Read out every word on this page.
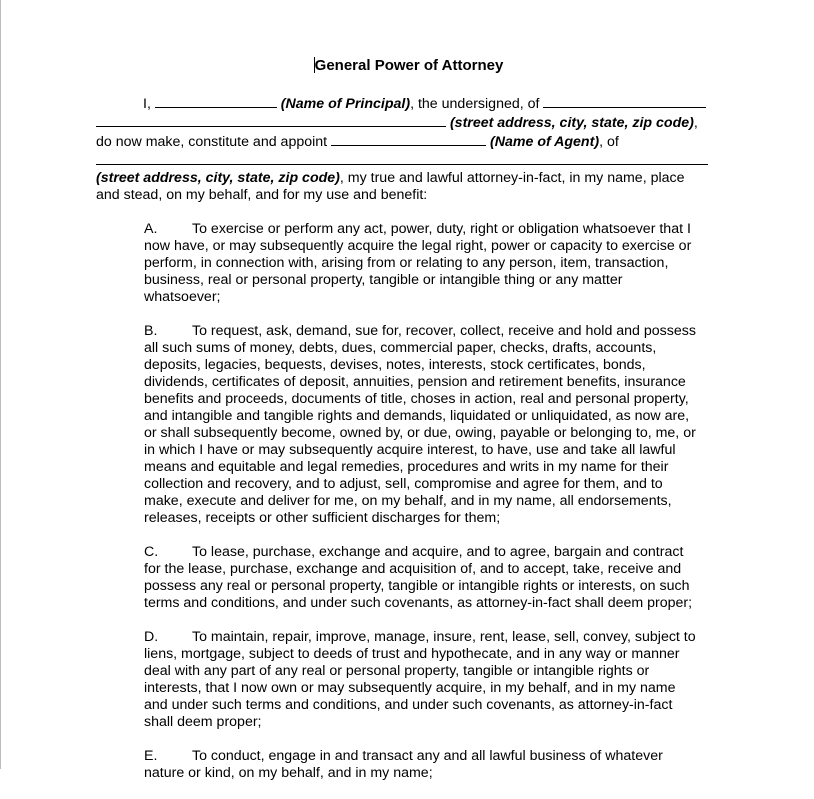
General Power of Attorney
I,	(Name of Principal), the undersigned, of
(street address, city, state, zip code),
do now make, constitute and appoint	(Name of Agent), of
(street address, city, state, zip code), my true and lawful attorney-in-fact, in my name, place
and stead, on my behalf, and for my use and benefit:
A. To exercise or perform any act, power, duty, right or obligation whatsoever that I
now have, or may subsequently acquire the legal right, power or capacity to exercise or
perform, in connection with, arising from or relating to any person, item, transaction,
business, real or personal property, tangible or intangible thing or any matter
whatsoever;
B. To request, ask, demand, sue for, recover, collect, receive and hold and possess
all such sums of money, debts, dues, commercial paper, checks, drafts, accounts,
deposits, legacies, bequests, devises, notes, interests, stock certificates, bonds,
dividends, certificates of deposit, annuities, pension and retirement benefits, insurance
benefits and proceeds, documents of title, choses in action, real and personal property,
and intangible and tangible rights and demands, liquidated or unliquidated, as now are,
or shall subsequently become, owned by, or due, owing, payable or belonging to, me, or
in which I have or may subsequently acquire interest, to have, use and take all lawful
means and equitable and legal remedies, procedures and writs in my name for their
collection and recovery, and to adjust, sell, compromise and agree for them, and to
make, execute and deliver for me, on my behalf, and in my name, all endorsements,
releases, receipts or other sufficient discharges for them;
C. To lease, purchase, exchange and acquire, and to agree, bargain and contract
for the lease, purchase, exchange and acquisition of, and to accept, take, receive and
possess any real or personal property, tangible or intangible rights or interests, on such
terms and conditions, and under such covenants, as attorney-in-fact shall deem proper;
D. To maintain, repair, improve, manage, insure, rent, lease, sell, convey, subject to
liens, mortgage, subject to deeds of trust and hypothecate, and in any way or manner
deal with any part of any real or personal property, tangible or intangible rights or
interests, that I now own or may subsequently acquire, in my behalf, and in my name
and under such terms and conditions, and under such covenants, as attorney-in-fact
shall deem proper;
E. To conduct, engage in and transact any and all lawful business of whatever
nature or kind, on my behalf, and in my name;
